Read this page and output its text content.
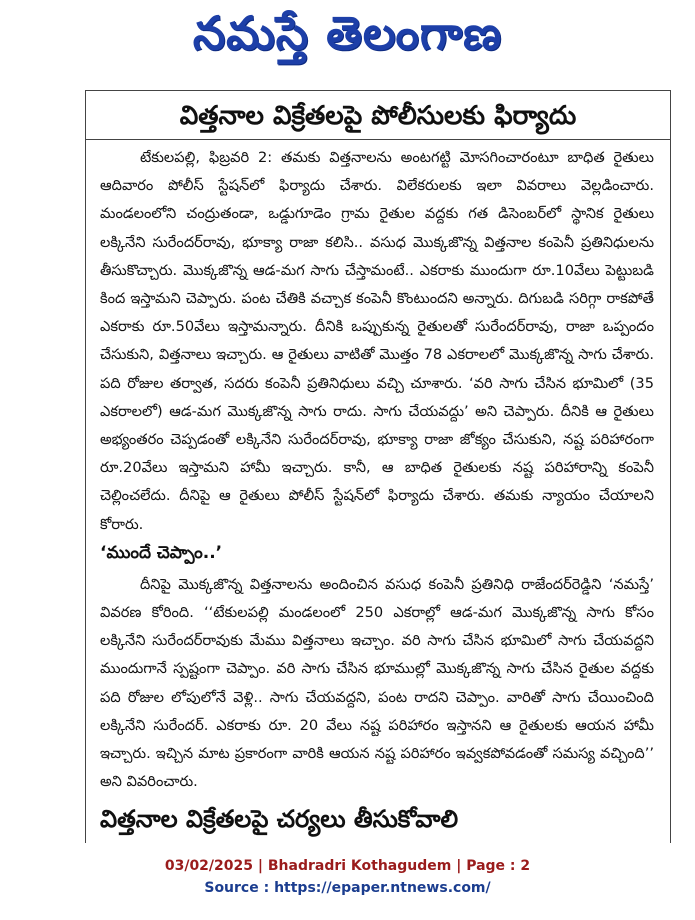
నమస్తే తెలంగాణ
విత్తనాల విక్రేతలపై పోలీసులకు ఫిర్యాదు

టేకులపల్లి, ఫిబ్రవరి 2: తమకు విత్తనాలను అంటగట్టి మోసగించారంటూ బాధిత రైతులు ఆదివారం పోలీస్ స్టేషన్‌లో ఫిర్యాదు చేశారు. విలేకరులకు ఇలా వివరాలు వెల్లడించారు. మండలంలోని చంద్రుతండా, ఒడ్డుగూడెం గ్రామ రైతుల వద్దకు గత డిసెంబర్‌లో స్థానిక రైతులు లక్కినేని సురేందర్‌రావు, భూక్యా రాజా కలిసి.. వసుధ మొక్కజొన్న విత్తనాల కంపెనీ ప్రతినిధులను తీసుకొచ్చారు. మొక్కజొన్న ఆడ-మగ సాగు చేస్తామంటే.. ఎకరాకు ముందుగా రూ.10వేలు పెట్టుబడి కింద ఇస్తామని చెప్పారు. పంట చేతికి వచ్చాక కంపెనీ కొంటుందని అన్నారు. దిగుబడి సరిగ్గా రాకపోతే ఎకరాకు రూ.50వేలు ఇస్తామన్నారు. దీనికి ఒప్పుకున్న రైతులతో సురేందర్‌రావు, రాజా ఒప్పందం చేసుకుని, విత్తనాలు ఇచ్చారు. ఆ రైతులు వాటితో మొత్తం 78 ఎకరాలలో మొక్కజొన్న సాగు చేశారు. పది రోజుల తర్వాత, సదరు కంపెనీ ప్రతినిధులు వచ్చి చూశారు. ‘వరి సాగు చేసిన భూమిలో (35 ఎకరాలలో) ఆడ-మగ మొక్కజొన్న సాగు రాదు. సాగు చేయవద్దు’ అని చెప్పారు. దీనికి ఆ రైతులు అభ్యంతరం చెప్పడంతో లక్కినేని సురేందర్‌రావు, భూక్యా రాజా జోక్యం చేసుకుని, నష్ట పరిహారంగా రూ.20వేలు ఇస్తామని హామీ ఇచ్చారు. కానీ, ఆ బాధిత రైతులకు నష్ట పరిహారాన్ని కంపెనీ చెల్లించలేదు. దీనిపై ఆ రైతులు పోలీస్ స్టేషన్‌లో ఫిర్యాదు చేశారు. తమకు న్యాయం చేయాలని కోరారు.

‘ముందే చెప్పాం..’

దీనిపై మొక్కజొన్న విత్తనాలను అందించిన వసుధ కంపెనీ ప్రతినిధి రాజేందర్‌రెడ్డిని ‘నమస్తే’ వివరణ కోరింది. ‘‘టేకులపల్లి మండలంలో 250 ఎకరాల్లో ఆడ-మగ మొక్కజొన్న సాగు కోసం లక్కినేని సురేందర్‌రావుకు మేము విత్తనాలు ఇచ్చాం. వరి సాగు చేసిన భూమిలో సాగు చేయవద్దని ముందుగానే స్పష్టంగా చెప్పాం. వరి సాగు చేసిన భూముల్లో మొక్కజొన్న సాగు చేసిన రైతుల వద్దకు పది రోజుల లోపులోనే వెళ్లి.. సాగు చేయవద్దని, పంట రాదని చెప్పాం. వారితో సాగు చేయించింది లక్కినేని సురేందర్. ఎకరాకు రూ. 20 వేలు నష్ట పరిహారం ఇస్తానని ఆ రైతులకు ఆయన హామీ ఇచ్చారు. ఇచ్చిన మాట ప్రకారంగా వారికి ఆయన నష్ట పరిహారం ఇవ్వకపోవడంతో సమస్య వచ్చింది’’ అని వివరించారు.

విత్తనాల విక్రేతలపై చర్యలు తీసుకోవాలి

03/02/2025 | Bhadradri Kothagudem | Page : 2
Source : https://epaper.ntnews.com/
